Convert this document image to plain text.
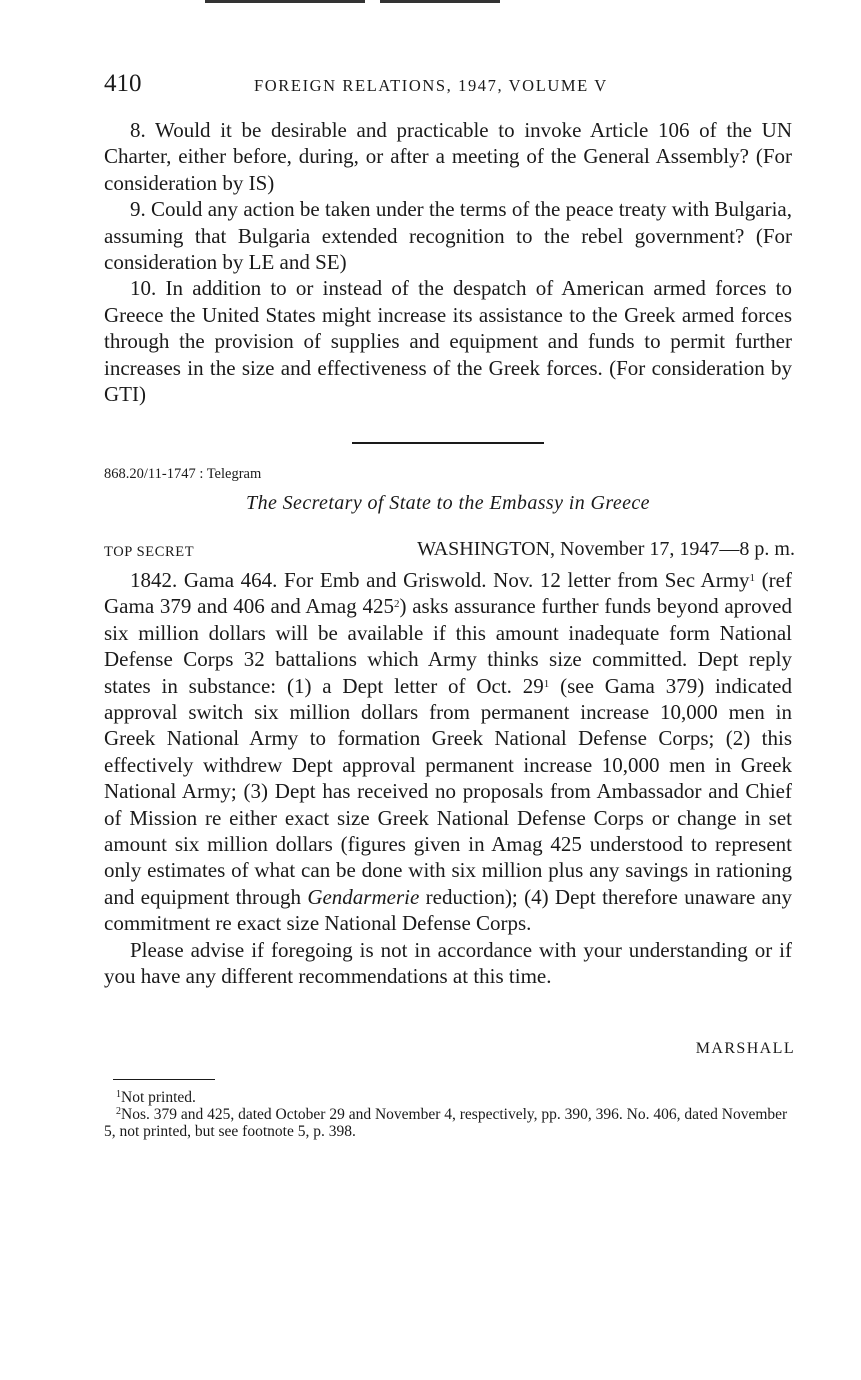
410	FOREIGN RELATIONS, 1947, VOLUME V

8. Would it be desirable and practicable to invoke Article 106 of the UN Charter, either before, during, or after a meeting of the General Assembly? (For consideration by IS)

9. Could any action be taken under the terms of the peace treaty with Bulgaria, assuming that Bulgaria extended recognition to the rebel government? (For consideration by LE and SE)

10. In addition to or instead of the despatch of American armed forces to Greece the United States might increase its assistance to the Greek armed forces through the provision of supplies and equipment and funds to permit further increases in the size and effectiveness of the Greek forces. (For consideration by GTI)

868.20/11-1747 : Telegram
The Secretary of State to the Embassy in Greece
TOP SECRET	WASHINGTON, November 17, 1947—8 p. m.

1842. Gama 464. For Emb and Griswold. Nov. 12 letter from Sec Army$^1$ (ref Gama 379 and 406 and Amag $425^2$) asks assurance further funds beyond aproved six million dollars will be available if this amount inadequate form National Defense Corps 32 battalions which Army thinks size committed. Dept reply states in substance: (1) a Dept letter of Oct. $29^1$ (see Gama 379) indicated approval switch six million dollars from permanent increase 10,000 men in Greek National Army to formation Greek National Defense Corps; (2) this effectively withdrew Dept approval permanent increase 10,000 men in Greek National Army; (3) Dept has received no proposals from Ambassador and Chief of Mission re either exact size Greek National Defense Corps or change in set amount six million dollars (figures given in Amag 425 understood to represent only estimates of what can be done with six million plus any savings in rationing and equipment through Gendarmerie reduction); (4) Dept therefore unaware any commitment re exact size National Defense Corps.

Please advise if foregoing is not in accordance with your understanding or if you have any different recommendations at this time.

MARSHALL

$^1$Not printed.

$^2$Nos. 379 and 425, dated October 29 and November 4, respectively, pp. 390, 396. No. 406, dated November 5, not printed, but see footnote 5, p. 398.
